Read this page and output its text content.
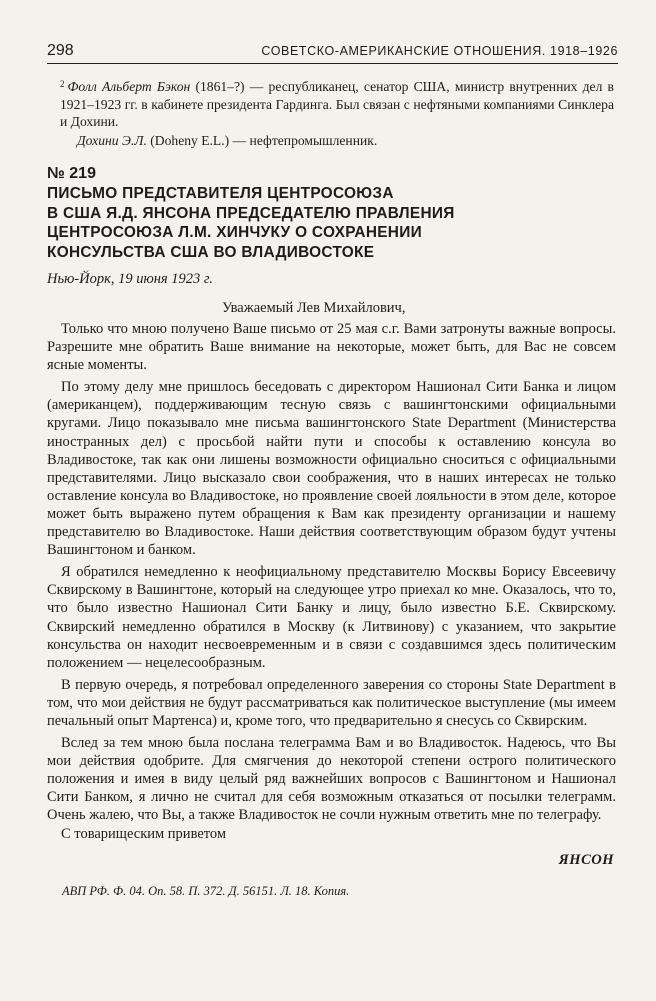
298	СОВЕТСКО-АМЕРИКАНСКИЕ ОТНОШЕНИЯ. 1918–1926

$^2$ Фолл Альберт Бэкон (1861–?) — республиканец, сенатор США, министр внутренних дел в 1921–1923 гг. в кабинете президента Гардинга. Был связан с нефтяными компаниями Синклера и Дохини.

Дохини Э.Л. (Doheny E.L.) — нефтепромышленник.

№ 219
ПИСЬМО ПРЕДСТАВИТЕЛЯ ЦЕНТРОСОЮЗА
В США Я.Д. ЯНСОНА ПРЕДСЕДАТЕЛЮ ПРАВЛЕНИЯ
ЦЕНТРОСОЮЗА Л.М. ХИНЧУКУ О СОХРАНЕНИИ
КОНСУЛЬСТВА США ВО ВЛАДИВОСТОКЕ
Нью-Йорк, 19 июня 1923 г.
Уважаемый Лев Михайлович,

Только что мною получено Ваше письмо от 25 мая с.г. Вами затронуты важные вопросы. Разрешите мне обратить Ваше внимание на некоторые, может быть, для Вас не совсем ясные моменты.

По этому делу мне пришлось беседовать с директором Нашионал Сити Банка и лицом (американцем), поддерживающим тесную связь с вашингтонскими официальными кругами. Лицо показывало мне письма вашингтонского State Department (Министерства иностранных дел) с просьбой найти пути и способы к оставлению консула во Владивостоке, так как они лишены возможности официально сноситься с официальными представителями. Лицо высказало свои соображения, что в наших интересах не только оставление консула во Владивостоке, но проявление своей лояльности в этом деле, которое может быть выражено путем обращения к Вам как президенту организации и нашему представителю во Владивостоке. Наши действия соответствующим образом будут учтены Вашингтоном и банком.

Я обратился немедленно к неофициальному представителю Москвы Борису Евсеевичу Сквирскому в Вашингтоне, который на следующее утро приехал ко мне. Оказалось, что то, что было известно Нашионал Сити Банку и лицу, было известно Б.Е. Сквирскому. Сквирский немедленно обратился в Москву (к Литвинову) с указанием, что закрытие консульства он находит несвоевременным и в связи с создавшимся здесь политическим положением — нецелесообразным.

В первую очередь, я потребовал определенного заверения со стороны State Department в том, что мои действия не будут рассматриваться как политическое выступление (мы имеем печальный опыт Мартенса) и, кроме того, что предварительно я снесусь со Сквирским.

Вслед за тем мною была послана телеграмма Вам и во Владивосток. Надеюсь, что Вы мои действия одобрите. Для смягчения до некоторой степени острого политического положения и имея в виду целый ряд важнейших вопросов с Вашингтоном и Нашионал Сити Банком, я лично не считал для себя возможным отказаться от посылки телеграмм. Очень жалею, что Вы, а также Владивосток не сочли нужным ответить мне по телеграфу.

С товарищеским приветом
ЯНСОН
АВП РФ. Ф. 04. Оп. 58. П. 372. Д. 56151. Л. 18. Копия.
